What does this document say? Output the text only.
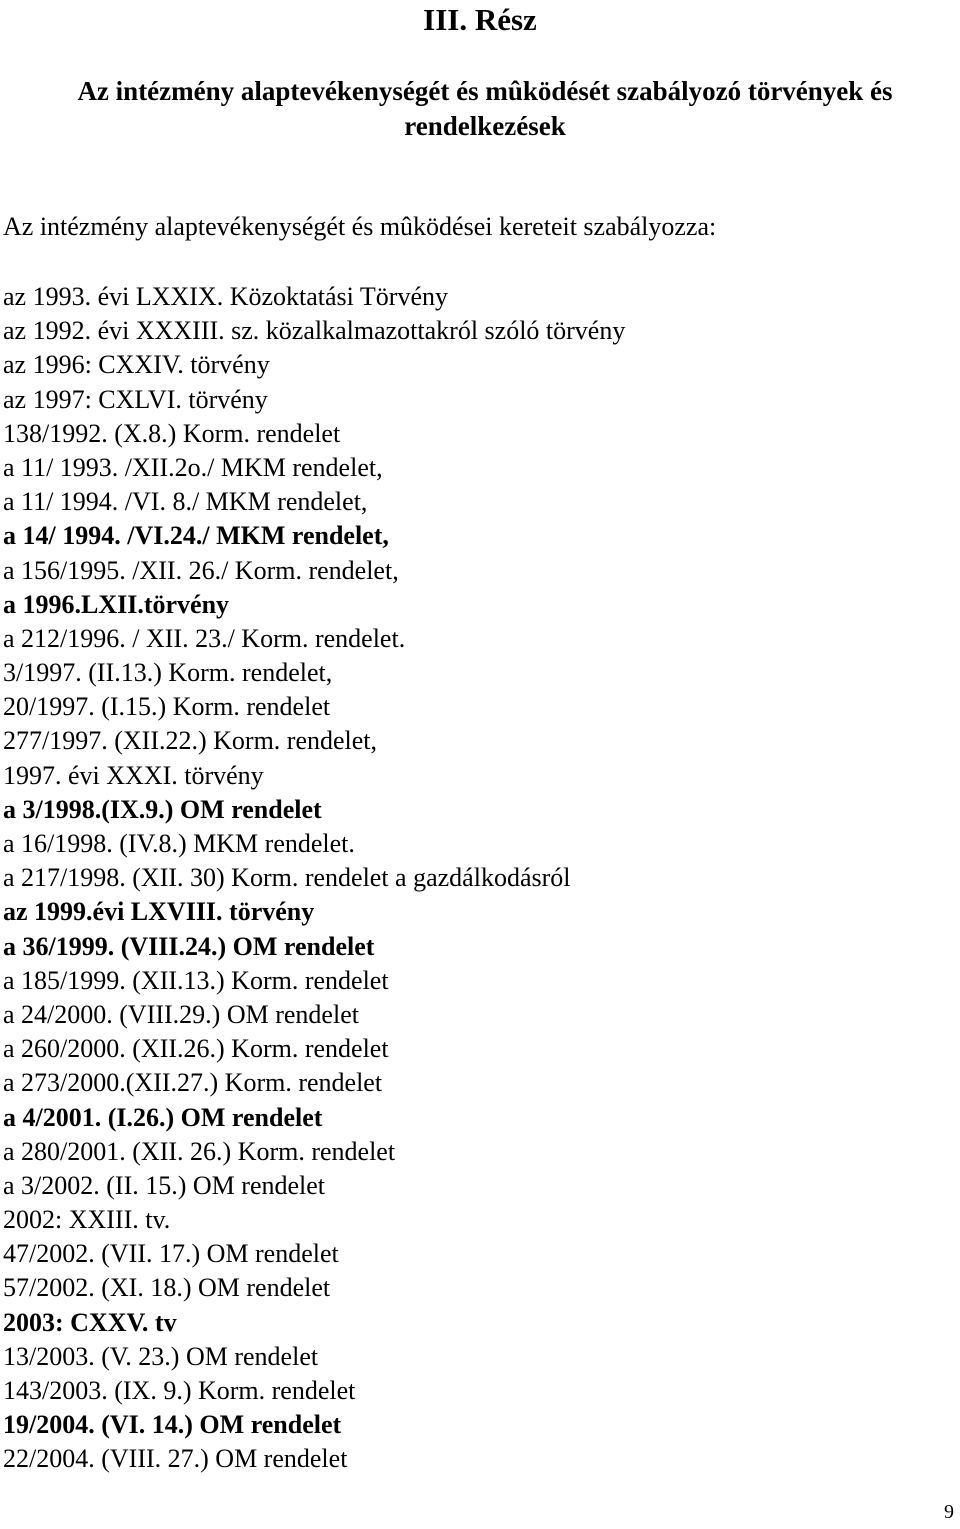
III. Rész
Az intézmény alaptevékenységét és mûködését szabályozó törvények és rendelkezések

Az intézmény alaptevékenységét és mûködései kereteit szabályozza:

az 1993. évi LXXIX. Közoktatási Törvény
az 1992. évi XXXIII. sz. közalkalmazottakról szóló törvény
az 1996: CXXIV. törvény
az 1997: CXLVI. törvény
138/1992. (X.8.) Korm. rendelet
a 11/ 1993. /XII.2o./ MKM rendelet,
a 11/ 1994. /VI. 8./ MKM rendelet,
a 14/ 1994. /VI.24./ MKM rendelet,
a 156/1995. /XII. 26./ Korm. rendelet,
a 1996.LXII.törvény
a 212/1996. / XII. 23./ Korm. rendelet.
3/1997. (II.13.) Korm. rendelet,
20/1997. (I.15.) Korm. rendelet
277/1997. (XII.22.) Korm. rendelet,
1997. évi XXXI. törvény
a 3/1998.(IX.9.) OM rendelet
a 16/1998. (IV.8.) MKM rendelet.
a 217/1998. (XII. 30) Korm. rendelet a gazdálkodásról
az 1999.évi LXVIII. törvény
a 36/1999. (VIII.24.) OM rendelet
a 185/1999. (XII.13.) Korm. rendelet
a 24/2000. (VIII.29.) OM rendelet
a 260/2000. (XII.26.) Korm. rendelet
a 273/2000.(XII.27.) Korm. rendelet
a 4/2001. (I.26.) OM rendelet
a 280/2001. (XII. 26.) Korm. rendelet
a 3/2002. (II. 15.) OM rendelet
2002: XXIII. tv.
47/2002. (VII. 17.) OM rendelet
57/2002. (XI. 18.) OM rendelet
2003: CXXV. tv
13/2003. (V. 23.) OM rendelet
143/2003. (IX. 9.) Korm. rendelet
19/2004. (VI. 14.) OM rendelet
22/2004. (VIII. 27.) OM rendelet
9
